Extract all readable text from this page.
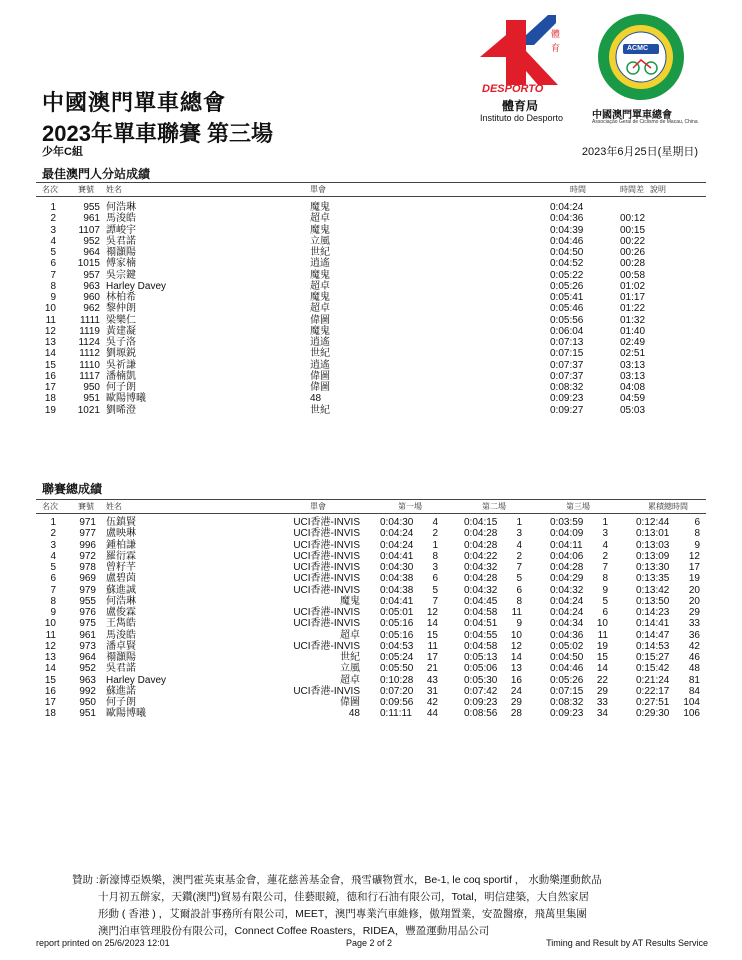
體育
DESPORTO
體育局
Instituto do Desporto
ACMC
中國澳門單車總會
Associação Geral de Ciclismo de Macau, China
中國澳門單車總會
2023年單車聯賽 第三場
少年C組	2023年6月25日(星期日)
最佳澳門人分站成績
名次	賽號 姓名	單會	時間	時間差 說明
1	955 何浩琳	魔鬼	0:04:24
2	961 馬浚皓	超卓	0:04:36	00:12
3	1107 譚峻宇	魔鬼	0:04:39	00:15
4	952 吳君諾	立風	0:04:46	00:22
5	964 禤灝陽	世紀	0:04:50	00:26
6	1015 傅家楠	逍遙	0:04:52	00:28
7	957 吳宗鍵	魔鬼	0:05:22	00:58
8	963 Harley Davey	超卓	0:05:26	01:02
9	960 林柏希	魔鬼	0:05:41	01:17
10	962 黎仲朗	超卓	0:05:46	01:22
11	1111 梁樂仁	偉圖	0:05:56	01:32
12	1119 黃建凝	魔鬼	0:06:04	01:40
13	1124 吳子洛	逍遙	0:07:13	02:49
14	1112 劉塬鋭	世紀	0:07:15	02:51
15	1110 吳祈謙	逍遙	0:07:37	03:13
16	1117 潘楠凱	偉圖	0:07:37	03:13
17	950 何子朗	偉圖	0:08:32	04:08
18	951 歐陽博曦	48	0:09:23	04:59
19	1021 劉晞澄	世紀	0:09:27	05:03
聯賽總成績
名次	賽號 姓名	單會	第一場	第二場	第三場	累積總時間
1	971 伍鎮賢	UCI香港-INVIS 0:04:30	4	0:04:15	1	0:03:59	1	0:12:44	6
2	977 盧映琳	UCI香港-INVIS 0:04:24	2	0:04:28	3	0:04:09	3	0:13:01	8
3	996 鍾柏謙	UCI香港-INVIS 0:04:24	1	0:04:28	4	0:04:11	4	0:13:03	9
4	972 羅衍霖	UCI香港-INVIS 0:04:41	8	0:04:22	2	0:04:06	2	0:13:09	12
5	978 曾籽芊	UCI香港-INVIS 0:04:30	3	0:04:32	7	0:04:28	7	0:13:30	17
6	969 盧碧茵	UCI香港-INVIS 0:04:38	6	0:04:28	5	0:04:29	8	0:13:35	19
7	979 蘇進誠	UCI香港-INVIS 0:04:38	5	0:04:32	6	0:04:32	9	0:13:42	20
8	955 何浩琳	魔鬼 0:04:41	7	0:04:45	8	0:04:24	5	0:13:50	20
9	976 盧俊霖	UCI香港-INVIS 0:05:01	12	0:04:58	11	0:04:24	6	0:14:23	29
10	975 王雋皓	UCI香港-INVIS 0:05:16	14	0:04:51	9	0:04:34	10	0:14:41	33
11	961 馬浚皓	超卓 0:05:16	15	0:04:55	10	0:04:36	11	0:14:47	36
12	973 潘卓賢	UCI香港-INVIS 0:04:53	11	0:04:58	12	0:05:02	19	0:14:53	42
13	964 禤灝陽	世紀 0:05:24	17	0:05:13	14	0:04:50	15	0:15:27	46
14	952 吳君諾	立風 0:05:50	21	0:05:06	13	0:04:46	14	0:15:42	48
15	963 Harley Davey	超卓 0:10:28	43	0:05:30	16	0:05:26	22	0:21:24	81
16	992 蘇進諾	UCI香港-INVIS 0:07:20	31	0:07:42	24	0:07:15	29	0:22:17	84
17	950 何子朗	偉圖 0:09:56	42	0:09:23	29	0:08:32	33	0:27:51	104
18	951 歐陽博曦	48 0:11:11	44	0:08:56	28	0:09:23	34	0:29:30	106
贊助 :新濠博亞娛樂，澳門霍英東基金會，蓮花慈善基金會，飛雪礦物質水，Be-1, le coq sportif ， 水動樂運動飲品
十月初五餅家，天鑽(澳門)貿易有限公司，佳藝眼鏡，德和行石油有限公司，Total，明信建築，大自然家居
形動 ( 香港 ) ，艾爾設計事務所有限公司，MEET，澳門專業汽車維修，傲翔置業，安盈醫療，飛萬里集團
澳門泊車管理股份有限公司，Connect Coffee Roasters，RIDEA，豐盈運動用品公司
report printed on 25/6/2023 12:01	Page 2 of 2	Timing and Result by AT Results Service
